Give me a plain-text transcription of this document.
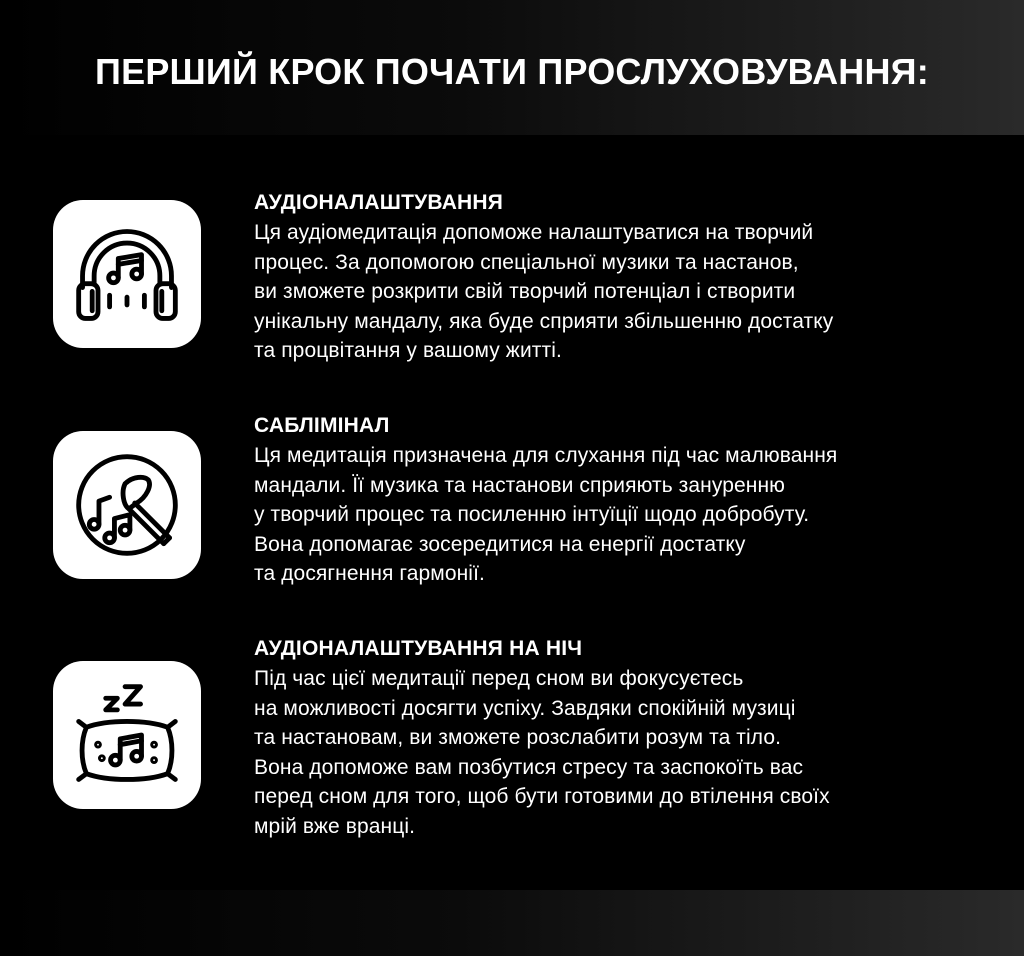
ПЕРШИЙ КРОК ПОЧАТИ ПРОСЛУХОВУВАННЯ:
АУДІОНАЛАШТУВАННЯ

Ця аудіомедитація допоможе налаштуватися на творчий
процес. За допомогою спеціальної музики та настанов,
ви зможете розкрити свій творчий потенціал і створити
унікальну мандалу, яка буде сприяти збільшенню достатку
та процвітання у вашому житті.

САБЛІМІНАЛ

Ця медитація призначена для слухання під час малювання
мандали. Її музика та настанови сприяють зануренню
у творчий процес та посиленню інтуїції щодо добробуту.
Вона допомагає зосередитися на енергії достатку
та досягнення гармонії.

АУДІОНАЛАШТУВАННЯ НА НІЧ

Під час цієї медитації перед сном ви фокусуєтесь
на можливості досягти успіху. Завдяки спокійній музиці
та настановам, ви зможете розслабити розум та тіло.
Вона допоможе вам позбутися стресу та заспокоїть вас
перед сном для того, щоб бути готовими до втілення своїх
мрій вже вранці.
